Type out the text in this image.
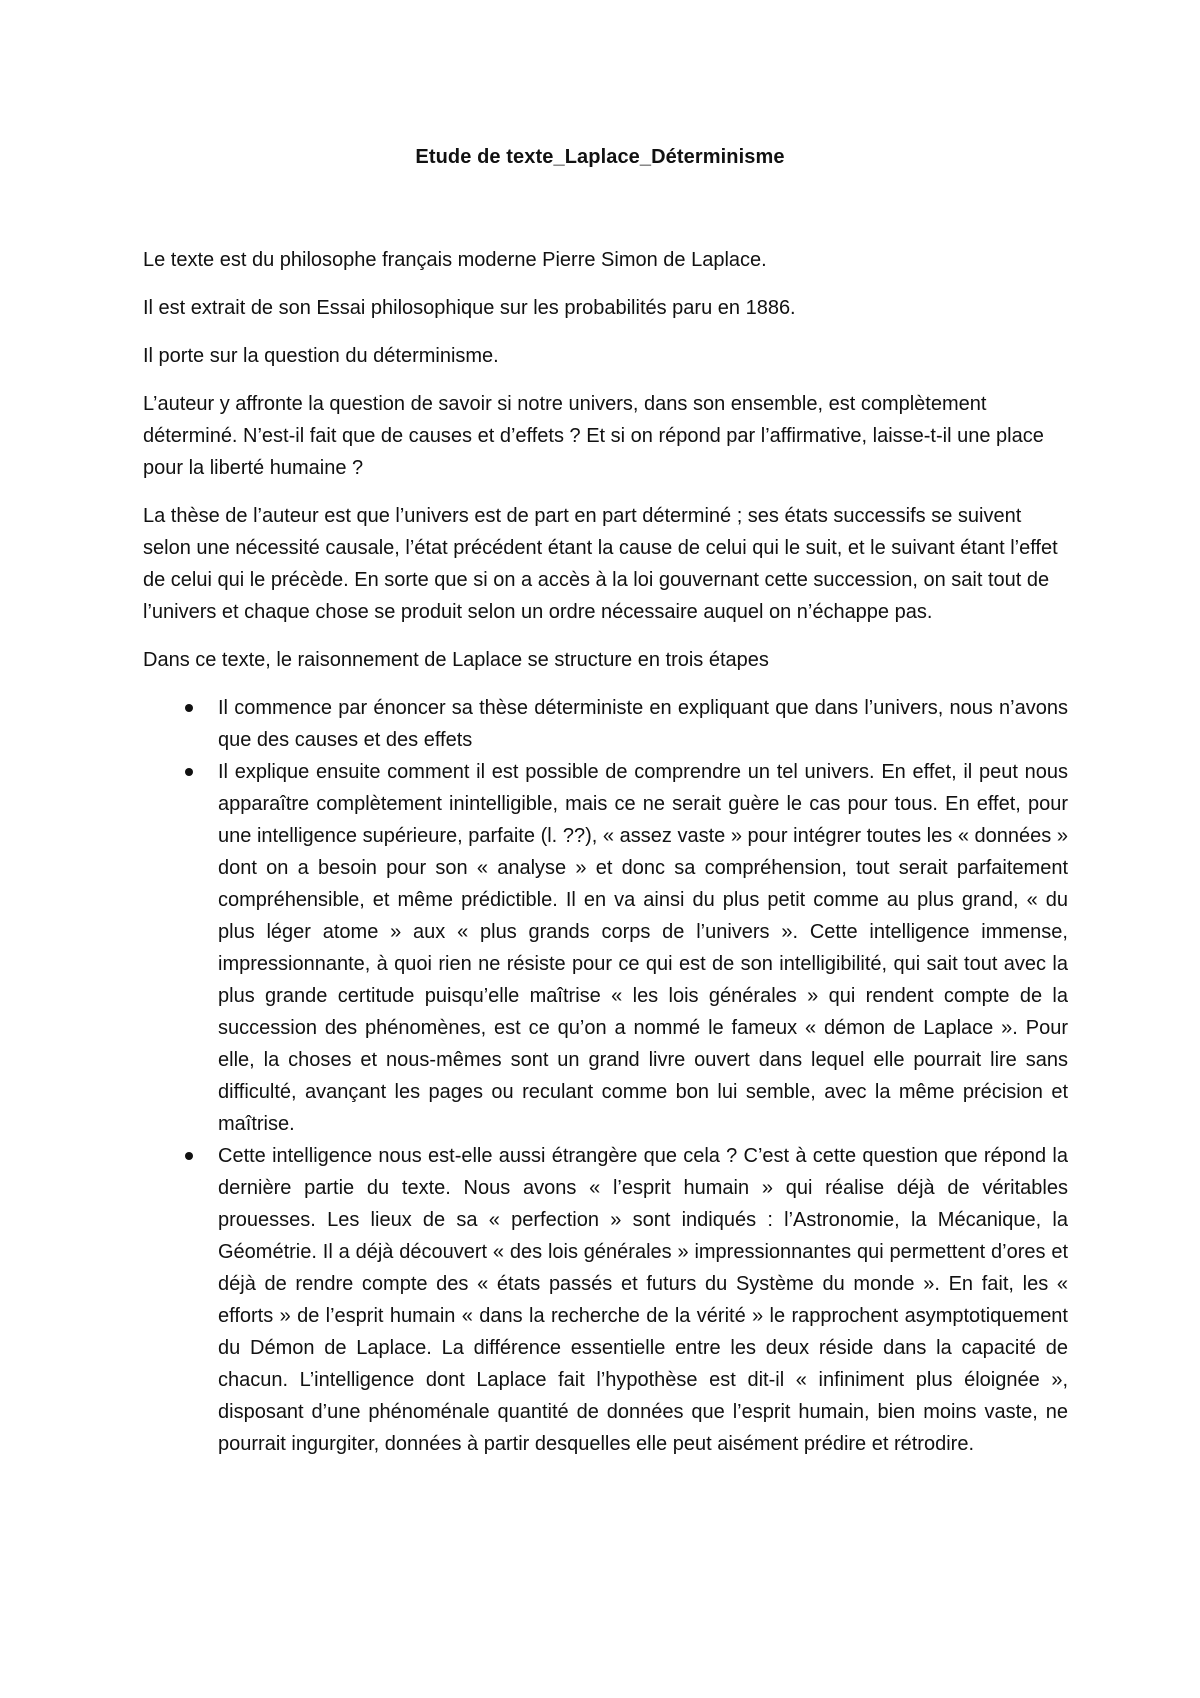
Etude de texte_Laplace_Déterminisme

Le texte est du philosophe français moderne Pierre Simon de Laplace.

Il est extrait de son Essai philosophique sur les probabilités paru en 1886.

Il porte sur la question du déterminisme.

L’auteur y affronte la question de savoir si notre univers, dans son ensemble, est complètement déterminé. N’est-il fait que de causes et d’effets ? Et si on répond par l’affirmative, laisse-t-il une place pour la liberté humaine ?

La thèse de l’auteur est que l’univers est de part en part déterminé ; ses états successifs se suivent selon une nécessité causale, l’état précédent étant la cause de celui qui le suit, et le suivant étant l’effet de celui qui le précède. En sorte que si on a accès à la loi gouvernant cette succession, on sait tout de l’univers et chaque chose se produit selon un ordre nécessaire auquel on n’échappe pas.

Dans ce texte, le raisonnement de Laplace se structure en trois étapes

Il commence par énoncer sa thèse déterministe en expliquant que dans l’univers, nous n’avons que des causes et des effets
Il explique ensuite comment il est possible de comprendre un tel univers. En effet, il peut nous apparaître complètement inintelligible, mais ce ne serait guère le cas pour tous. En effet, pour une intelligence supérieure, parfaite (l. ??), « assez vaste » pour intégrer toutes les « données » dont on a besoin pour son « analyse » et donc sa compréhension, tout serait parfaitement compréhensible, et même prédictible. Il en va ainsi du plus petit comme au plus grand, « du plus léger atome » aux « plus grands corps de l’univers ». Cette intelligence immense, impressionnante, à quoi rien ne résiste pour ce qui est de son intelligibilité, qui sait tout avec la plus grande certitude puisqu’elle maîtrise « les lois générales » qui rendent compte de la succession des phénomènes, est ce qu’on a nommé le fameux « démon de Laplace ». Pour elle, la choses et nous-mêmes sont un grand livre ouvert dans lequel elle pourrait lire sans difficulté, avançant les pages ou reculant comme bon lui semble, avec la même précision et maîtrise.
Cette intelligence nous est-elle aussi étrangère que cela ? C’est à cette question que répond la dernière partie du texte. Nous avons « l’esprit humain » qui réalise déjà de véritables prouesses. Les lieux de sa « perfection » sont indiqués : l’Astronomie, la Mécanique, la Géométrie. Il a déjà découvert « des lois générales » impressionnantes qui permettent d’ores et déjà de rendre compte des « états passés et futurs du Système du monde ». En fait, les « efforts » de l’esprit humain « dans la recherche de la vérité » le rapprochent asymptotiquement du Démon de Laplace. La différence essentielle entre les deux réside dans la capacité de chacun. L’intelligence dont Laplace fait l’hypothèse est dit-il « infiniment plus éloignée », disposant d’une phénoménale quantité de données que l’esprit humain, bien moins vaste, ne pourrait ingurgiter, données à partir desquelles elle peut aisément prédire et rétrodire.
